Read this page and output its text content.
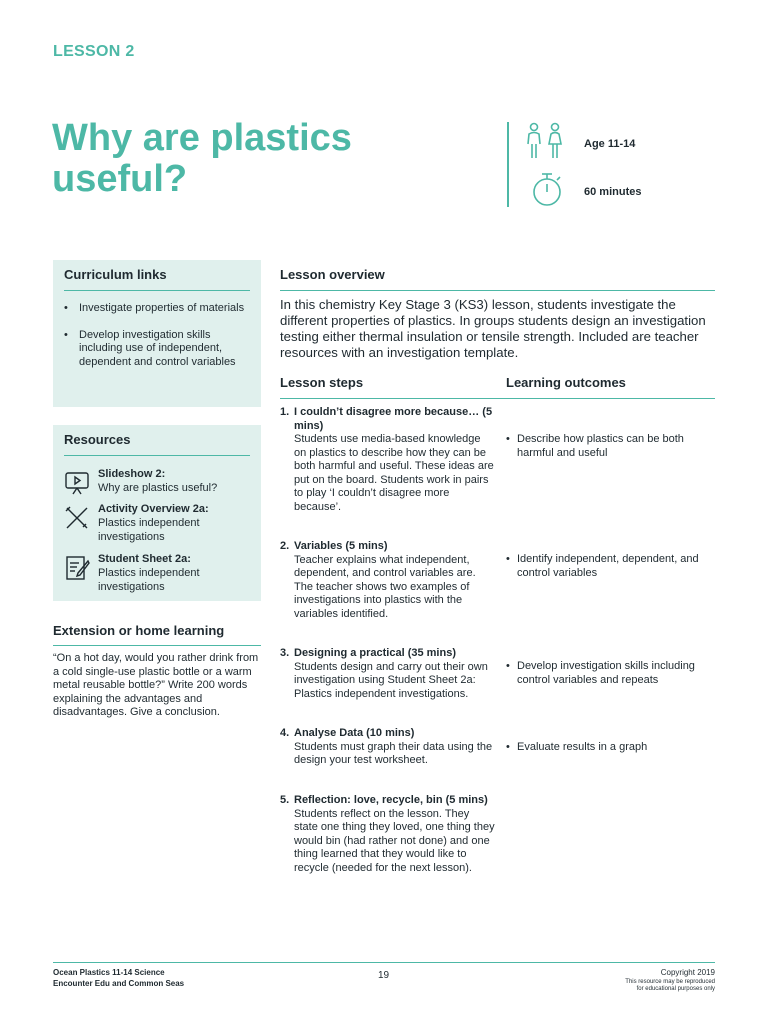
LESSON 2
Why are plastics useful?
Age 11-14
60 minutes
Curriculum links
• Investigate properties of materials
• Develop investigation skills including use of independent, dependent and control variables
Resources
Slideshow 2:
Why are plastics useful?
Activity Overview 2a:
Plastics independent investigations
Student Sheet 2a:
Plastics independent investigations
Extension or home learning
“On a hot day, would you rather drink from a cold single-use plastic bottle or a warm metal reusable bottle?” Write 200 words explaining the advantages and disadvantages. Give a conclusion.
Lesson overview
In this chemistry Key Stage 3 (KS3) lesson, students investigate the different properties of plastics. In groups students design an investigation testing either thermal insulation or tensile strength. Included are teacher resources with an investigation template.
Lesson steps	Learning outcomes
1. I couldn’t disagree more because… (5 mins)
Students use media-based knowledge on plastics to describe how they can be both harmful and useful. These ideas are put on the board. Students work in pairs to play ‘I couldn’t disagree more because’.
2. Variables (5 mins)
Teacher explains what independent, dependent, and control variables are. The teacher shows two examples of investigations into plastics with the variables identified.
3. Designing a practical (35 mins)
Students design and carry out their own investigation using Student Sheet 2a: Plastics independent investigations.
4. Analyse Data (10 mins)
Students must graph their data using the design your test worksheet.
5. Reflection: love, recycle, bin (5 mins)
Students reflect on the lesson. They state one thing they loved, one thing they would bin (had rather not done) and one thing learned that they would like to recycle (needed for the next lesson).
• Describe how plastics can be both harmful and useful
• Identify independent, dependent, and control variables
• Develop investigation skills including control variables and repeats
• Evaluate results in a graph
Ocean Plastics 11-14 Science
Encounter Edu and Common Seas
19	Copyright 2019
This resource may be reproduced
for educational purposes only
